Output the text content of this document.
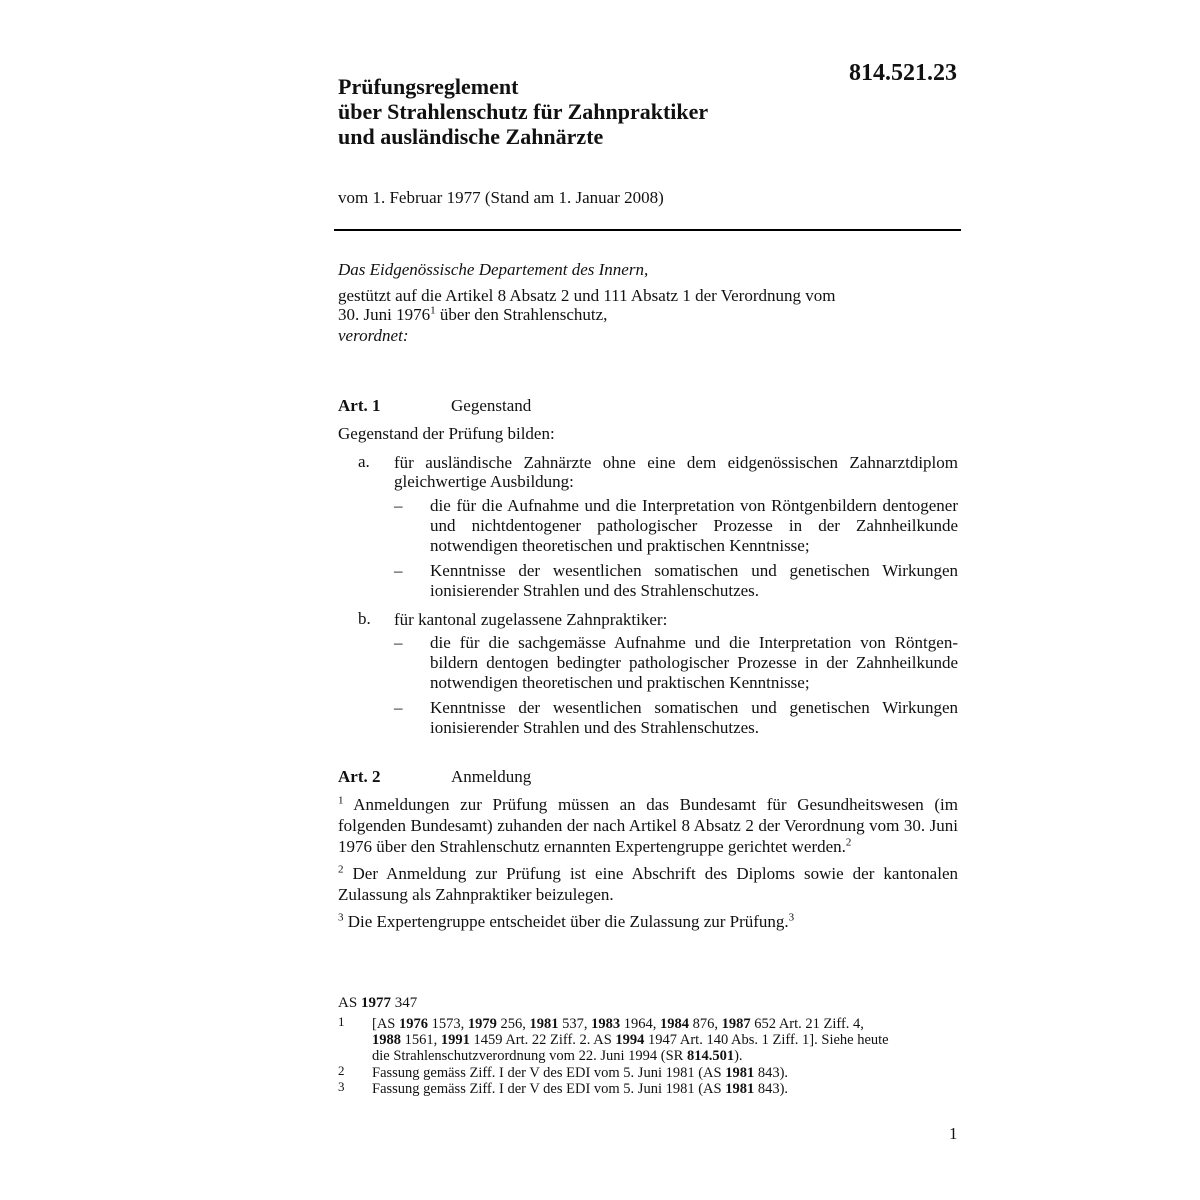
814.521.23
Prüfungsreglement
über Strahlenschutz für Zahnpraktiker
und ausländische Zahnärzte
vom 1. Februar 1977 (Stand am 1. Januar 2008)

Das Eidgenössische Departement des Innern,

gestützt auf die Artikel 8 Absatz 2 und 111 Absatz 1 der Verordnung vom
30. Juni 1976$^1$ über den Strahlenschutz,

verordnet:

Art. 1	Gegenstand
Gegenstand der Prüfung bilden:
a. für ausländische Zahnärzte ohne eine dem eidgenössischen Zahnarztdiplom gleichwertige Ausbildung:
– die für die Aufnahme und die Interpretation von Röntgenbildern dentogener und nichtdentogener pathologischer Prozesse in der Zahnheilkunde notwendigen theoretischen und praktischen Kenntnisse;
– Kenntnisse der wesentlichen somatischen und genetischen Wirkungen ionisierender Strahlen und des Strahlenschutzes.
b. für kantonal zugelassene Zahnpraktiker:
– die für die sachgemässe Aufnahme und die Interpretation von Röntgenbildern dentogen bedingter pathologischer Prozesse in der Zahnheilkunde notwendigen theoretischen und praktischen Kenntnisse;
– Kenntnisse der wesentlichen somatischen und genetischen Wirkungen ionisierender Strahlen und des Strahlenschutzes.
Art. 2	Anmeldung
$^1$ Anmeldungen zur Prüfung müssen an das Bundesamt für Gesundheitswesen (im folgenden Bundesamt) zuhanden der nach Artikel 8 Absatz 2 der Verordnung vom 30. Juni 1976 über den Strahlenschutz ernannten Expertengruppe gerichtet werden.$^2$
$^2$ Der Anmeldung zur Prüfung ist eine Abschrift des Diploms sowie der kantonalen Zulassung als Zahnpraktiker beizulegen.
$^3$ Die Expertengruppe entscheidet über die Zulassung zur Prüfung.$^3$
AS 1977 347
1 [AS 1976 1573, 1979 256, 1981 537, 1983 1964, 1984 876, 1987 652 Art. 21 Ziff. 4,
1988 1561, 1991 1459 Art. 22 Ziff. 2. AS 1994 1947 Art. 140 Abs. 1 Ziff. 1]. Siehe heute
die Strahlenschutzverordnung vom 22. Juni 1994 (SR 814.501).
2 Fassung gemäss Ziff. I der V des EDI vom 5. Juni 1981 (AS 1981 843).
3 Fassung gemäss Ziff. I der V des EDI vom 5. Juni 1981 (AS 1981 843).
1
